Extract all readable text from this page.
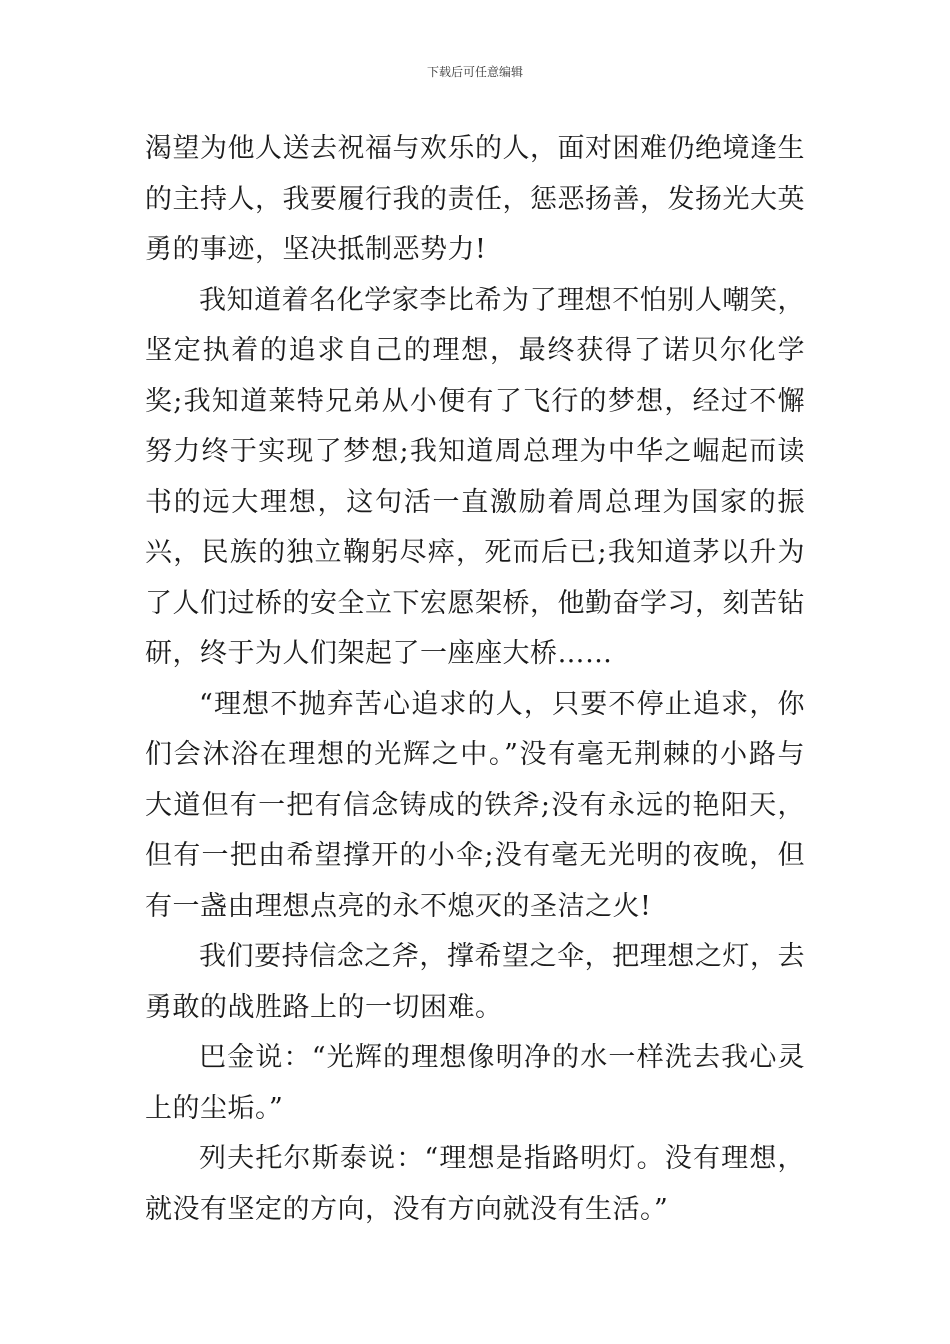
下载后可任意编辑

渴望为他人送去祝福与欢乐的人，面对困难仍绝境逢生的主持人，我要履行我的责任，惩恶扬善，发扬光大英勇的事迹，坚决抵制恶势力!

我知道着名化学家李比希为了理想不怕别人嘲笑，坚定执着的追求自己的理想，最终获得了诺贝尔化学奖;我知道莱特兄弟从小便有了飞行的梦想，经过不懈努力终于实现了梦想;我知道周总理为中华之崛起而读书的远大理想，这句活一直激励着周总理为国家的振兴，民族的独立鞠躬尽瘁，死而后已;我知道茅以升为了人们过桥的安全立下宏愿架桥，他勤奋学习，刻苦钻研，终于为人们架起了一座座大桥……

“理想不抛弃苦心追求的人，只要不停止追求，你们会沐浴在理想的光辉之中。”没有毫无荆棘的小路与大道但有一把有信念铸成的铁斧;没有永远的艳阳天，但有一把由希望撑开的小伞;没有毫无光明的夜晚，但有一盏由理想点亮的永不熄灭的圣洁之火!

我们要持信念之斧，撑希望之伞，把理想之灯，去勇敢的战胜路上的一切困难。

巴金说：“光辉的理想像明净的水一样洗去我心灵上的尘垢。”

列夫托尔斯泰说：“理想是指路明灯。没有理想，就没有坚定的方向，没有方向就没有生活。”
